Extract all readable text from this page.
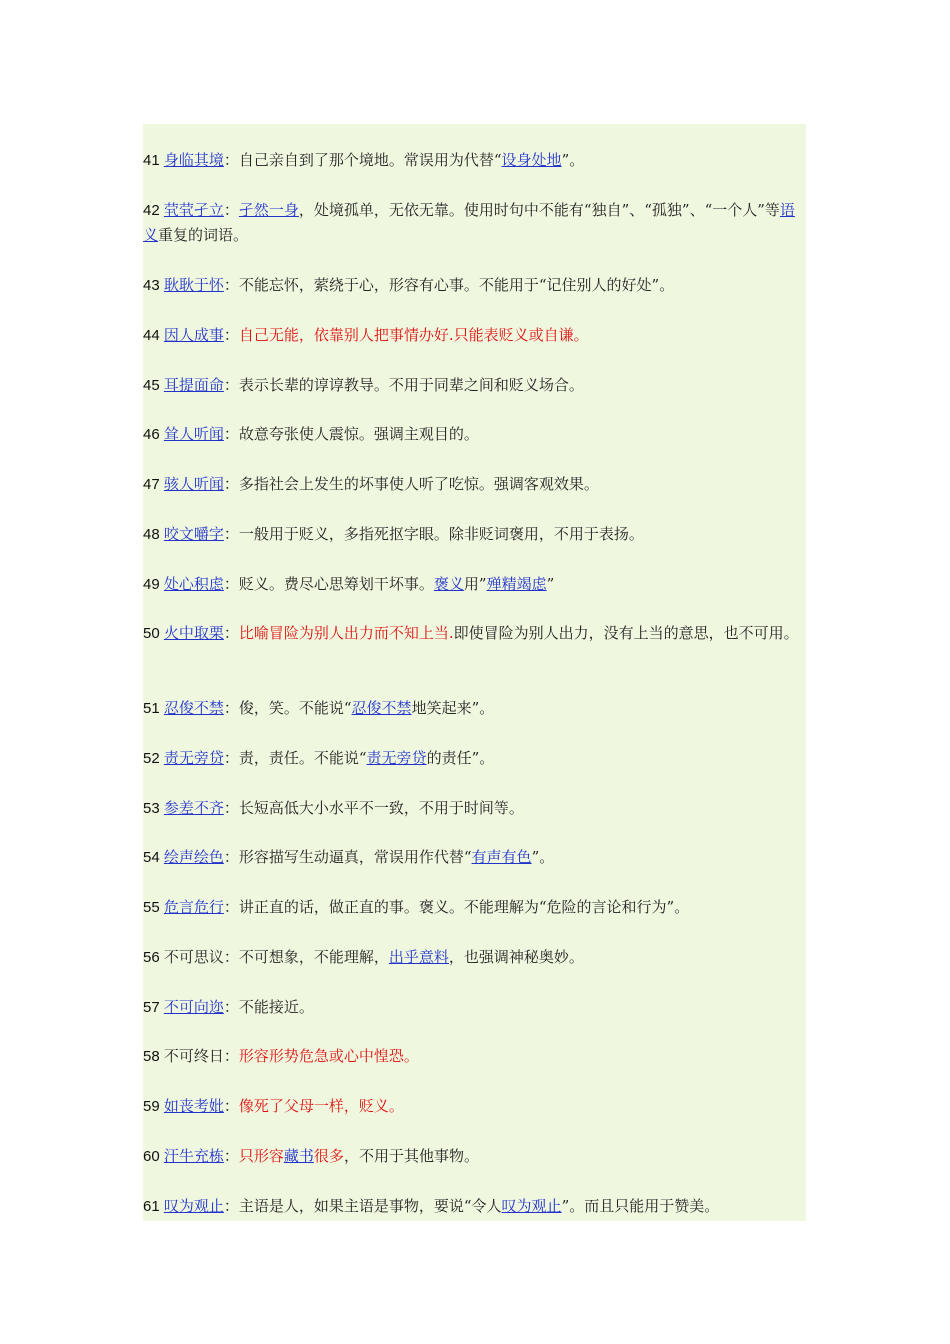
41 身临其境：自己亲自到了那个境地。常误用为代替“设身处地”。
42 茕茕孑立：孑然一身，处境孤单，无依无靠。使用时句中不能有“独自”、“孤独”、“一个人”等语义重复的词语。
43 耿耿于怀：不能忘怀，萦绕于心，形容有心事。不能用于“记住别人的好处”。
44 因人成事：自己无能，依靠别人把事情办好.只能表贬义或自谦。
45 耳提面命：表示长辈的谆谆教导。不用于同辈之间和贬义场合。
46 耸人听闻：故意夸张使人震惊。强调主观目的。
47 骇人听闻：多指社会上发生的坏事使人听了吃惊。强调客观效果。
48 咬文嚼字：一般用于贬义，多指死抠字眼。除非贬词褒用，不用于表扬。
49 处心积虑：贬义。费尽心思筹划干坏事。褒义用”殚精竭虑”
50 火中取栗：比喻冒险为别人出力而不知上当.即使冒险为别人出力，没有上当的意思，也不可用。
51 忍俊不禁：俊，笑。不能说“忍俊不禁地笑起来”。
52 责无旁贷：责，责任。不能说“责无旁贷的责任”。
53 参差不齐：长短高低大小水平不一致，不用于时间等。
54 绘声绘色：形容描写生动逼真，常误用作代替“有声有色”。
55 危言危行：讲正直的话，做正直的事。褒义。不能理解为“危险的言论和行为”。
56 不可思议：不可想象，不能理解，出乎意料，也强调神秘奥妙。
57 不可向迩：不能接近。
58 不可终日：形容形势危急或心中惶恐。
59 如丧考妣：像死了父母一样，贬义。
60 汗牛充栋：只形容藏书很多，不用于其他事物。
61 叹为观止：主语是人，如果主语是事物，要说“令人叹为观止”。而且只能用于赞美。
